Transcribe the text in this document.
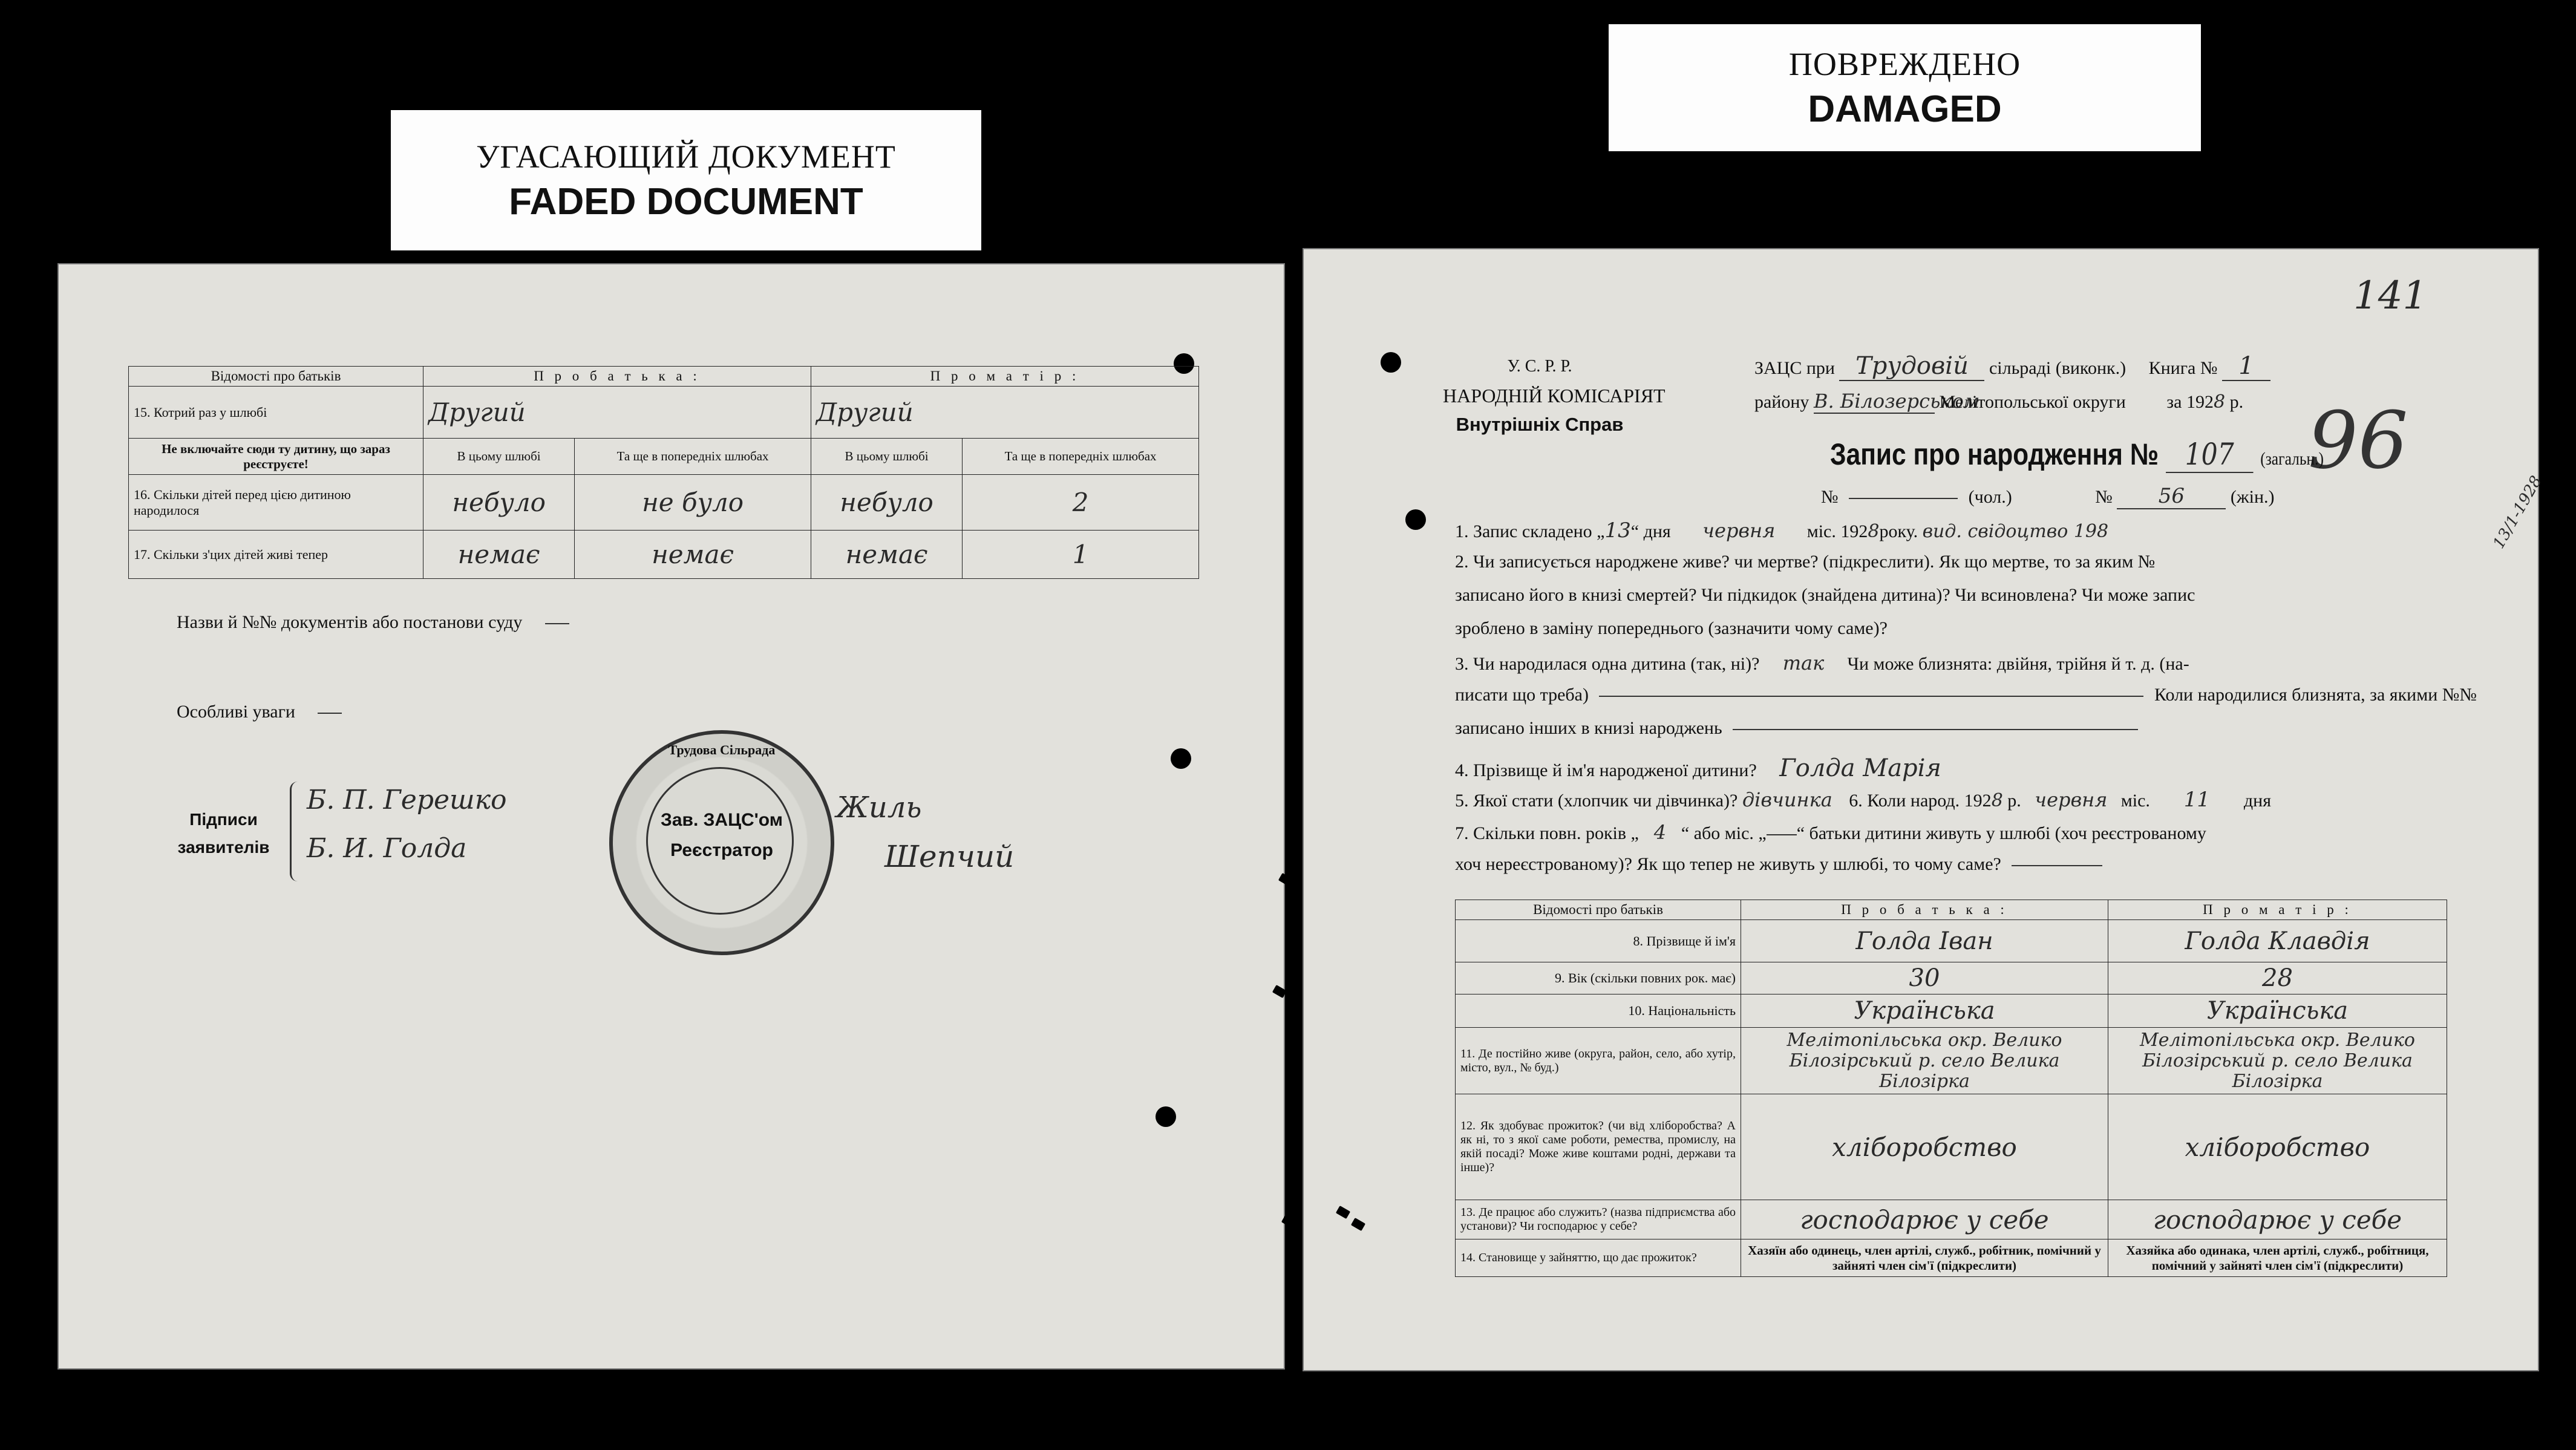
УГАСАЮЩИЙ ДОКУМЕНТ
FADED DOCUMENT
ПОВРЕЖДЕНО
DAMAGED
Відомості про батьків	П р о б а т ь к а :		П р о м а т і р :	
15. Котрий раз у шлюбі	Другий		Другий	
Не включайте сюди ту дитину, що зараз реєструєте!	В цьому шлюбі	Та ще в попередніх шлюбах	В цьому шлюбі	Та ще в попередніх шлюбах
16. Скільки дітей перед цією дитиною народилося	небуло	не було	небуло	2
17. Скільки з'цих дітей живі тепер	немає	немає	немає	1
Назви й №№ документів або постанови суду
Особливі уваги
Підписи заявителів
Б. П. Герешко
Б. И. Голда
Жиль
Шепчий
Трудова Сільрада
Зав. ЗАЦС'ом
Реєстратор
141
96
13/1-1928
У. С. Р. Р.
НАРОДНІЙ КОМІСАРІЯТ
Внутрішніх Справ
ЗАЦС при Трудовій сільраді (виконк.) Книга № 1
району В. Білозерськом Мелітопольської округи за 1928 р.
Запис про народження № 107 (загальн.)
№	(чол.)	№ 56	(жін.)
1. Запис складено „13“ дня червня міс. 1928року. вид. свідоцтво 198
2. Чи записується народжене живе? чи мертве? (підкреслити). Як що мертве, то за яким №
записано його в книзі смертей? Чи підкидок (знайдена дитина)? Чи всиновлена? Чи може запис
зроблено в заміну попереднього (зазначити чому саме)?
3. Чи народилася одна дитина (так, ні)? так Чи може близнята: двійня, трійня й т. д. (на-
писати що треба)	Коли народилися близнята, за якими №№
записано інших в книзі народжень
4. Прізвище й ім'я народженої дитини? Голда Марія
5. Якої стати (хлопчик чи дівчинка)? дівчинка 6. Коли народ. 1928 р. червня міс. 11 дня
7. Скільки повн. років „ 4 “ або міс. „ “ батьки дитини живуть у шлюбі (хоч реєстрованому
хоч нереєстрованому)? Як що тепер не живуть у шлюбі, то чому саме?
Відомості про батьків	П р о б а т ь к а :	П р о м а т і р :
8. Прізвище й ім'я	Голда Іван	Голда Клавдія
9. Вік (скільки повних рок. має)	30	28
10. Національність	Українська	Українська
11. Де постійно живе (округа, район, село, або хутір, місто, вул., № буд.)	Мелітопільська окр. Велико Білозірський р. село Велика Білозірка	Мелітопільська окр. Велико Білозірський р. село Велика Білозірка
12. Як здобуває прожиток? (чи від хліборобства? А як ні, то з якої саме роботи, ремества, промислу, на якій посаді? Може живе коштами родні, держави та інше)?	хліборобство	хліборобство
13. Де працює або служить? (назва підприємства або установи)? Чи господарює у себе?	господарює у себе	господарює у себе
14. Становище у зайняттю, що дає прожиток?	Хазяїн або одинець, член артілі, служб., робітник, помічний у зайняті член сім'ї (підкреслити)	Хазяйка або одинака, член артілі, служб., робітниця, помічний у зайняті член сім'ї (підкреслити)
